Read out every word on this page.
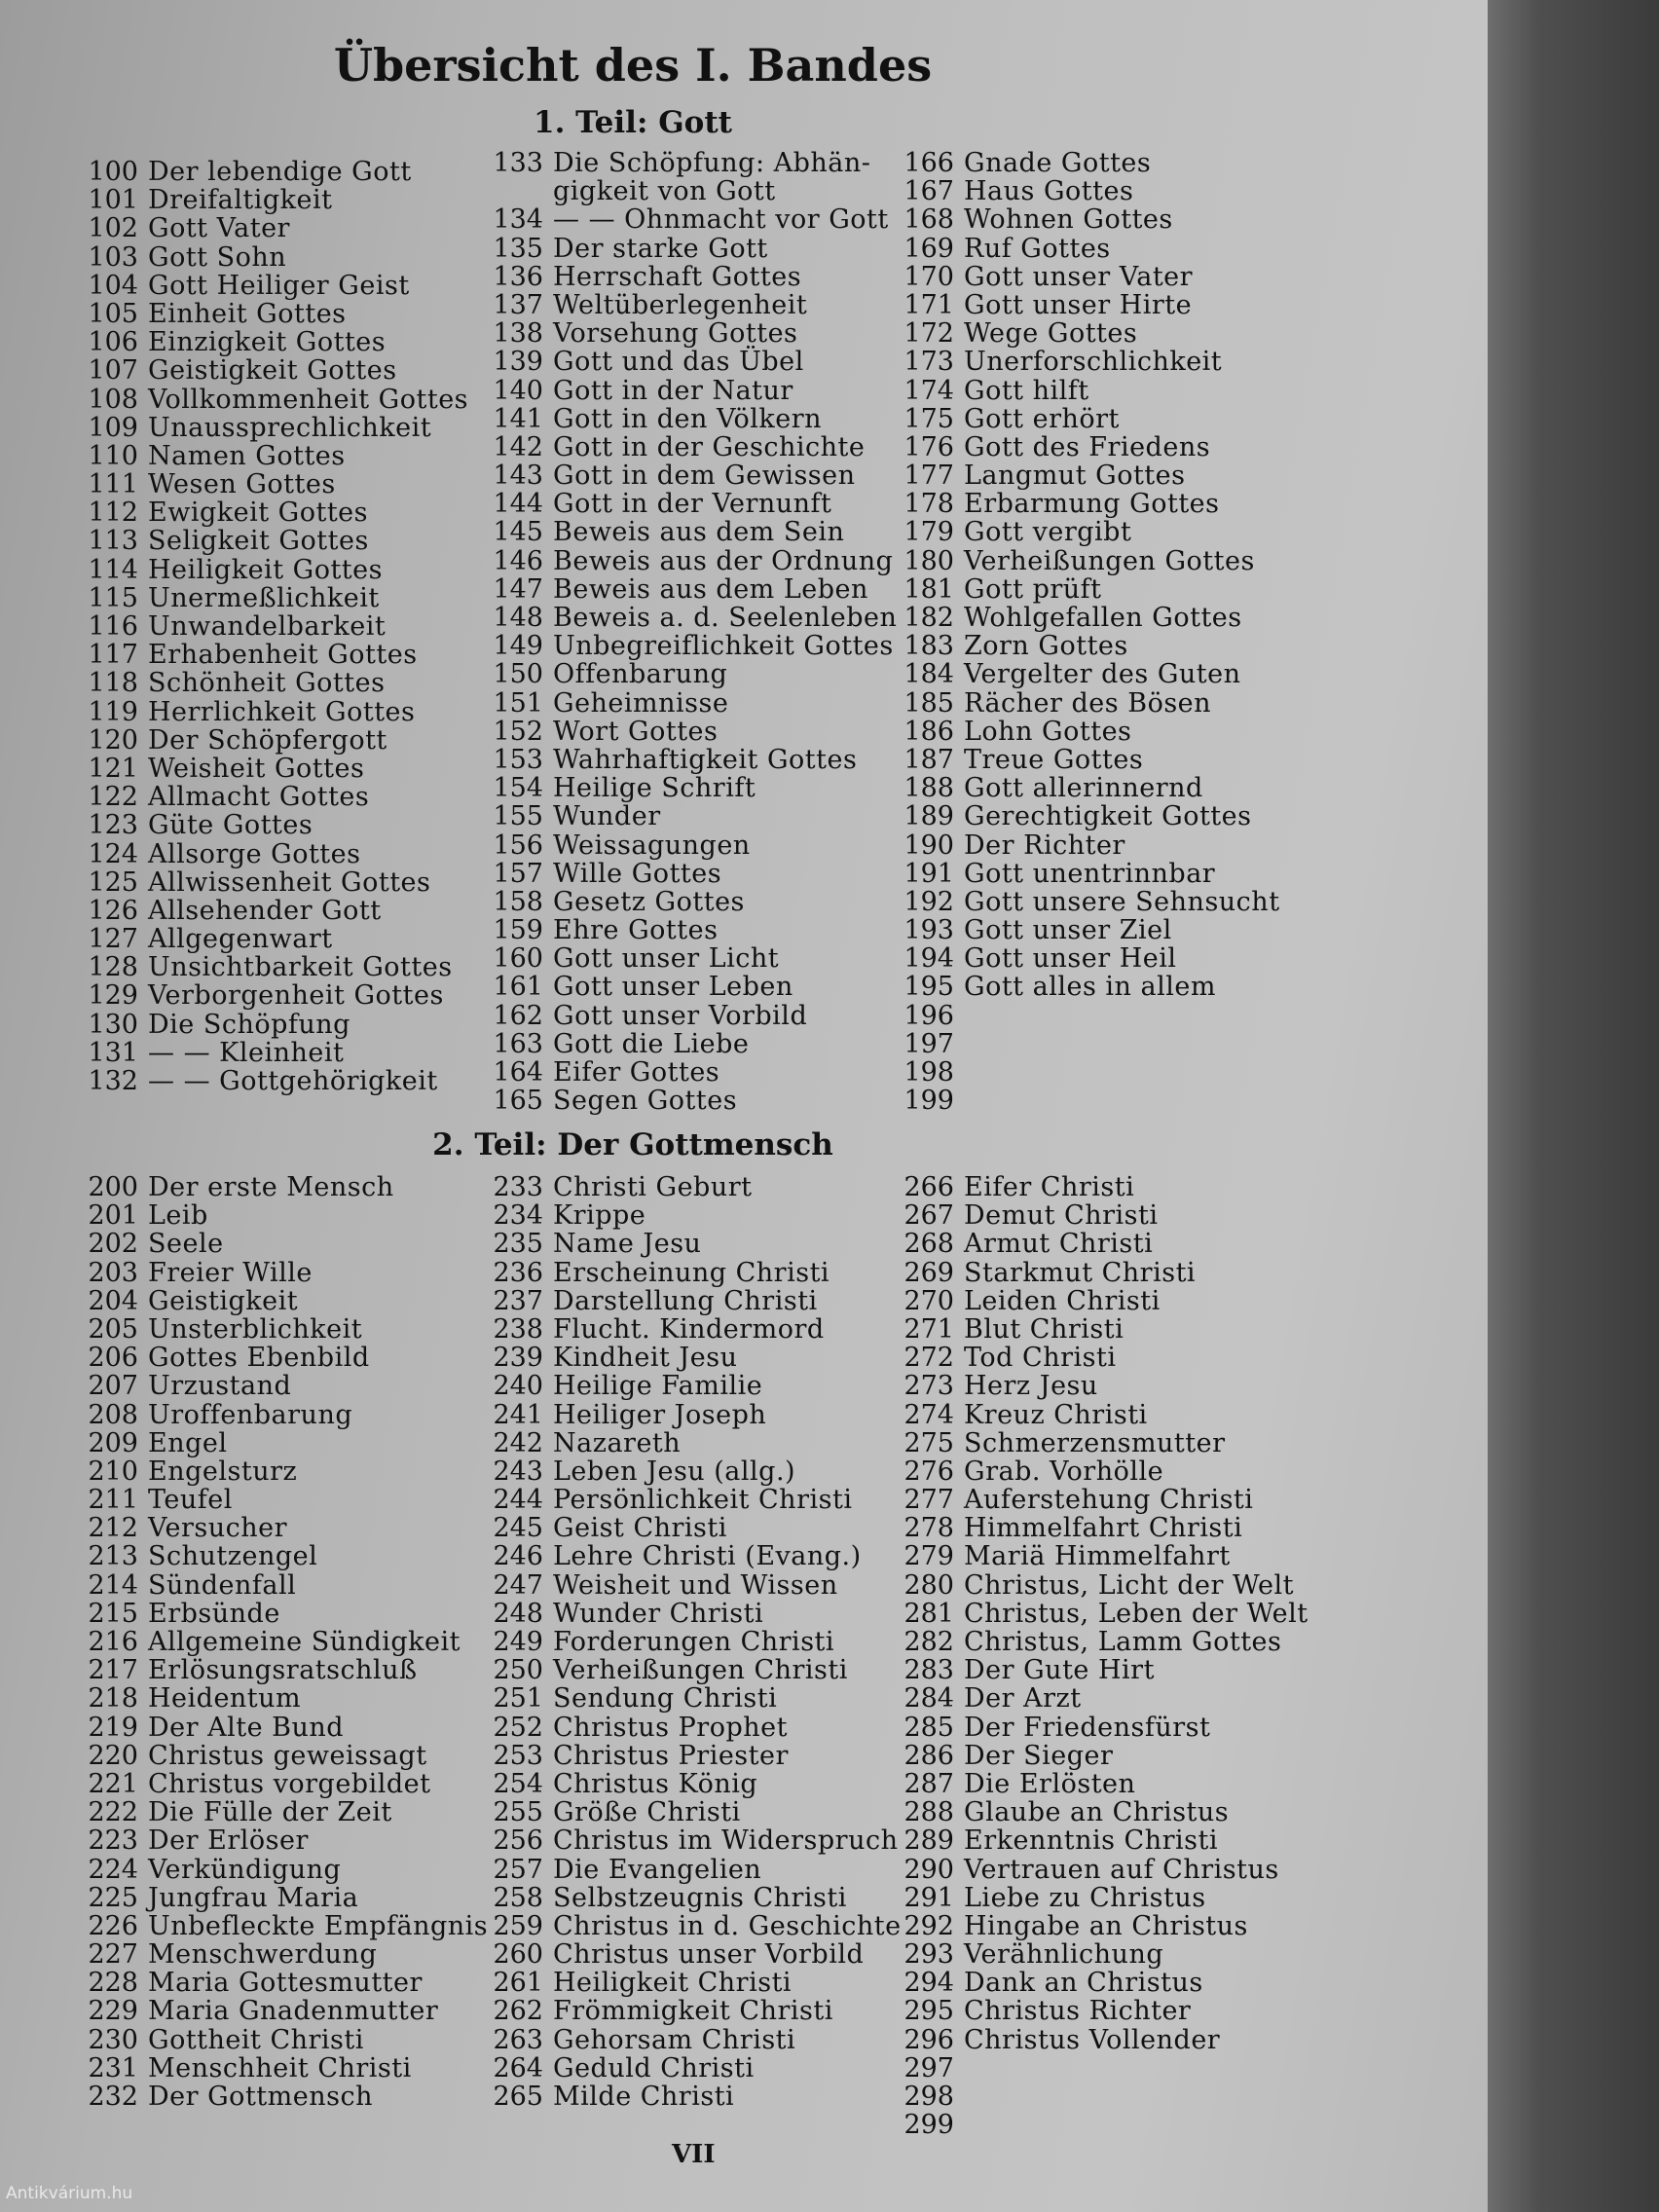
Übersicht des I. Bandes
1. Teil: Gott
100 Der lebendige Gott
101 Dreifaltigkeit
102 Gott Vater
103 Gott Sohn
104 Gott Heiliger Geist
105 Einheit Gottes
106 Einzigkeit Gottes
107 Geistigkeit Gottes
108 Vollkommenheit Gottes
109 Unaussprechlichkeit
110 Namen Gottes
111 Wesen Gottes
112 Ewigkeit Gottes
113 Seligkeit Gottes
114 Heiligkeit Gottes
115 Unermeßlichkeit
116 Unwandelbarkeit
117 Erhabenheit Gottes
118 Schönheit Gottes
119 Herrlichkeit Gottes
120 Der Schöpfergott
121 Weisheit Gottes
122 Allmacht Gottes
123 Güte Gottes
124 Allsorge Gottes
125 Allwissenheit Gottes
126 Allsehender Gott
127 Allgegenwart
128 Unsichtbarkeit Gottes
129 Verborgenheit Gottes
130 Die Schöpfung
131 — — Kleinheit
132 — — Gottgehörigkeit
133 Die Schöpfung: Abhän-
gigkeit von Gott
134 — — Ohnmacht vor Gott
135 Der starke Gott
136 Herrschaft Gottes
137 Weltüberlegenheit
138 Vorsehung Gottes
139 Gott und das Übel
140 Gott in der Natur
141 Gott in den Völkern
142 Gott in der Geschichte
143 Gott in dem Gewissen
144 Gott in der Vernunft
145 Beweis aus dem Sein
146 Beweis aus der Ordnung
147 Beweis aus dem Leben
148 Beweis a. d. Seelenleben
149 Unbegreiflichkeit Gottes
150 Offenbarung
151 Geheimnisse
152 Wort Gottes
153 Wahrhaftigkeit Gottes
154 Heilige Schrift
155 Wunder
156 Weissagungen
157 Wille Gottes
158 Gesetz Gottes
159 Ehre Gottes
160 Gott unser Licht
161 Gott unser Leben
162 Gott unser Vorbild
163 Gott die Liebe
164 Eifer Gottes
165 Segen Gottes
166 Gnade Gottes
167 Haus Gottes
168 Wohnen Gottes
169 Ruf Gottes
170 Gott unser Vater
171 Gott unser Hirte
172 Wege Gottes
173 Unerforschlichkeit
174 Gott hilft
175 Gott erhört
176 Gott des Friedens
177 Langmut Gottes
178 Erbarmung Gottes
179 Gott vergibt
180 Verheißungen Gottes
181 Gott prüft
182 Wohlgefallen Gottes
183 Zorn Gottes
184 Vergelter des Guten
185 Rächer des Bösen
186 Lohn Gottes
187 Treue Gottes
188 Gott allerinnernd
189 Gerechtigkeit Gottes
190 Der Richter
191 Gott unentrinnbar
192 Gott unsere Sehnsucht
193 Gott unser Ziel
194 Gott unser Heil
195 Gott alles in allem
196
197
198
199
2. Teil: Der Gottmensch
200 Der erste Mensch
201 Leib
202 Seele
203 Freier Wille
204 Geistigkeit
205 Unsterblichkeit
206 Gottes Ebenbild
207 Urzustand
208 Uroffenbarung
209 Engel
210 Engelsturz
211 Teufel
212 Versucher
213 Schutzengel
214 Sündenfall
215 Erbsünde
216 Allgemeine Sündigkeit
217 Erlösungsratschluß
218 Heidentum
219 Der Alte Bund
220 Christus geweissagt
221 Christus vorgebildet
222 Die Fülle der Zeit
223 Der Erlöser
224 Verkündigung
225 Jungfrau Maria
226 Unbefleckte Empfängnis
227 Menschwerdung
228 Maria Gottesmutter
229 Maria Gnadenmutter
230 Gottheit Christi
231 Menschheit Christi
232 Der Gottmensch
233 Christi Geburt
234 Krippe
235 Name Jesu
236 Erscheinung Christi
237 Darstellung Christi
238 Flucht. Kindermord
239 Kindheit Jesu
240 Heilige Familie
241 Heiliger Joseph
242 Nazareth
243 Leben Jesu (allg.)
244 Persönlichkeit Christi
245 Geist Christi
246 Lehre Christi (Evang.)
247 Weisheit und Wissen
248 Wunder Christi
249 Forderungen Christi
250 Verheißungen Christi
251 Sendung Christi
252 Christus Prophet
253 Christus Priester
254 Christus König
255 Größe Christi
256 Christus im Widerspruch
257 Die Evangelien
258 Selbstzeugnis Christi
259 Christus in d. Geschichte
260 Christus unser Vorbild
261 Heiligkeit Christi
262 Frömmigkeit Christi
263 Gehorsam Christi
264 Geduld Christi
265 Milde Christi
266 Eifer Christi
267 Demut Christi
268 Armut Christi
269 Starkmut Christi
270 Leiden Christi
271 Blut Christi
272 Tod Christi
273 Herz Jesu
274 Kreuz Christi
275 Schmerzensmutter
276 Grab. Vorhölle
277 Auferstehung Christi
278 Himmelfahrt Christi
279 Mariä Himmelfahrt
280 Christus, Licht der Welt
281 Christus, Leben der Welt
282 Christus, Lamm Gottes
283 Der Gute Hirt
284 Der Arzt
285 Der Friedensfürst
286 Der Sieger
287 Die Erlösten
288 Glaube an Christus
289 Erkenntnis Christi
290 Vertrauen auf Christus
291 Liebe zu Christus
292 Hingabe an Christus
293 Verähnlichung
294 Dank an Christus
295 Christus Richter
296 Christus Vollender
297
298
299
VII
Antikvárium.hu
